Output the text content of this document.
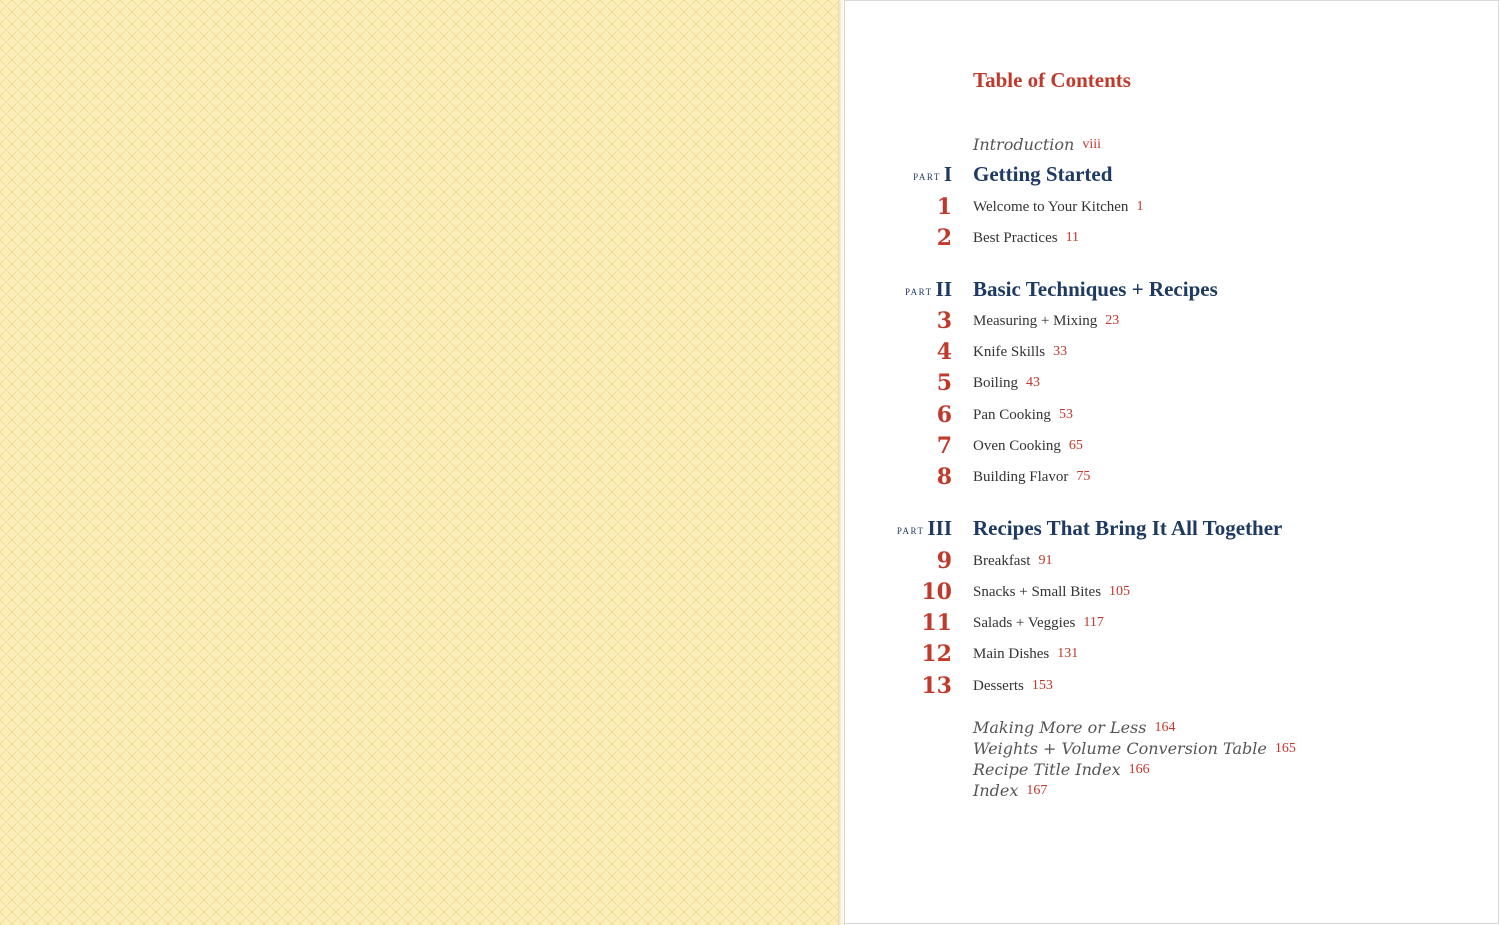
Table of Contents
Introduction viii
PART I Getting Started
1 Welcome to Your Kitchen 1
2 Best Practices 11
PART II Basic Techniques + Recipes
3 Measuring + Mixing 23
4 Knife Skills 33
5 Boiling 43
6 Pan Cooking 53
7 Oven Cooking 65
8 Building Flavor 75
PART III Recipes That Bring It All Together
9 Breakfast 91
10 Snacks + Small Bites 105
11 Salads + Veggies 117
12 Main Dishes 131
13 Desserts 153
Making More or Less 164
Weights + Volume Conversion Table 165
Recipe Title Index 166
Index 167
